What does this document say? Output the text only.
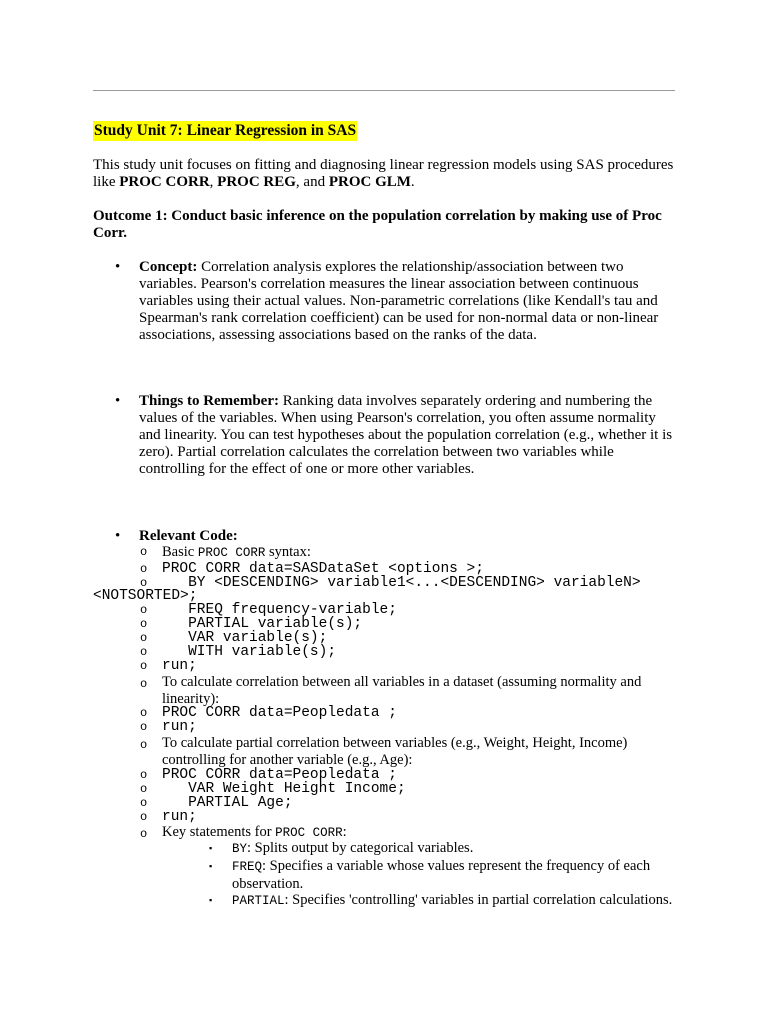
Study Unit 7: Linear Regression in SAS

This study unit focuses on fitting and diagnosing linear regression models using SAS procedures like PROC CORR, PROC REG, and PROC GLM.

Outcome 1: Conduct basic inference on the population correlation by making use of Proc Corr.

• Concept: Correlation analysis explores the relationship/association between two variables. Pearson's correlation measures the linear association between continuous variables using their actual values. Non-parametric correlations (like Kendall's tau and Spearman's rank correlation coefficient) can be used for non-normal data or non-linear associations, assessing associations based on the ranks of the data.

• Things to Remember: Ranking data involves separately ordering and numbering the values of the variables. When using Pearson's correlation, you often assume normality and linearity. You can test hypotheses about the population correlation (e.g., whether it is zero). Partial correlation calculates the correlation between two variables while controlling for the effect of one or more other variables.

• Relevant Code:

o Basic PROC CORR syntax:
o PROC CORR data=SASDataSet <options >;
o BY <DESCENDING> variable1<...<DESCENDING> variableN>
<NOTSORTED>;
o FREQ frequency-variable;
o PARTIAL variable(s);
o VAR variable(s);
o WITH variable(s);
o run;
o To calculate correlation between all variables in a dataset (assuming normality and linearity):
o PROC CORR data=Peopledata ;
o run;
o To calculate partial correlation between variables (e.g., Weight, Height, Income) controlling for another variable (e.g., Age):
o PROC CORR data=Peopledata ;
o VAR Weight Height Income;
o PARTIAL Age;
o run;
o Key statements for PROC CORR:
▪ BY: Splits output by categorical variables.
▪ FREQ: Specifies a variable whose values represent the frequency of each observation.
▪ PARTIAL: Specifies 'controlling' variables in partial correlation calculations.
